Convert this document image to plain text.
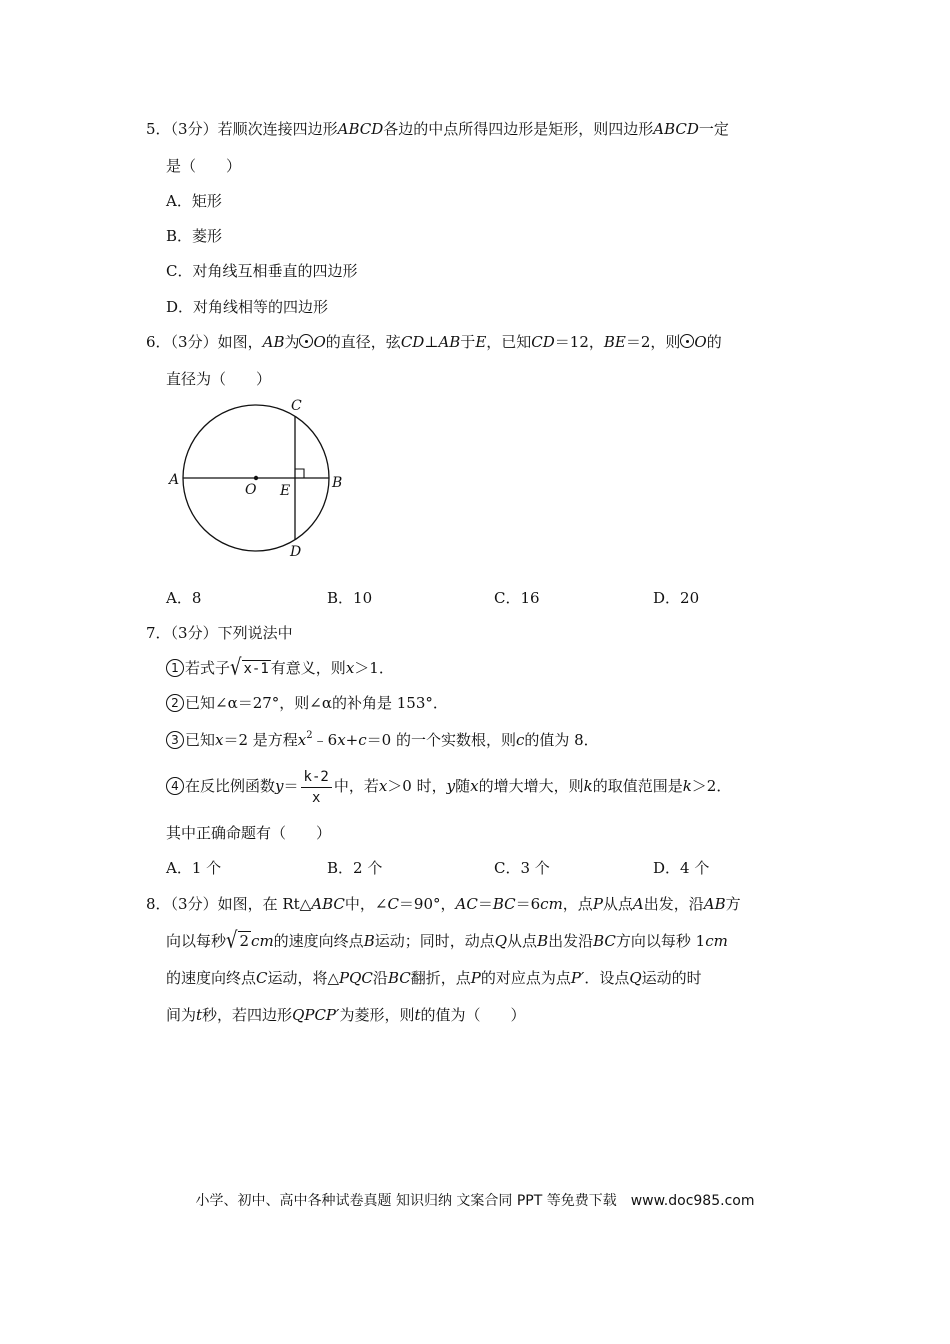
5．（3分）若顺次连接四边形ABCD各边的中点所得四边形是矩形，则四边形ABCD一定
是（　　）
A．矩形
B．菱形
C．对角线互相垂直的四边形
D．对角线相等的四边形
6．（3分）如图，AB为 O的直径，弦CD⊥AB于E，已知CD＝12，BE＝2，则 O的
直径为（　　）
A	B
C
D
E
O
A．8	B．10	C．16	D．20
7．（3分）下列说法中
1 若式子√ x-1 有意义，则x＞1．
2 已知∠α＝27°，则∠α的补角是 153°．
3 已知x＝2 是方程$x^2﹣6x+c=0$ 的一个实数根，则c的值为 8．
4 在反比例函数$y= \frac{k-2}{x}$ 中，若x＞0 时，y随x的增大增大，则k的取值范围是k＞2．
其中正确命题有（　　）
A．1 个	B．2 个	C．3 个	D．4 个
8．（3分）如图，在 Rt△ABC中，∠C＝90°，AC＝BC＝6cm，点P从点A出发，沿AB方
向以每秒√ 2 cm的速度向终点B运动；同时，动点Q从点B出发沿BC方向以每秒 1cm
的速度向终点C运动，将△PQC沿BC翻折，点P的对应点为点P′．设点Q运动的时
间为t秒，若四边形QPCP′为菱形，则t的值为（　　）
小学、初中、高中各种试卷真题 知识归纳 文案合同 PPT 等免费下载　www.doc985.com
